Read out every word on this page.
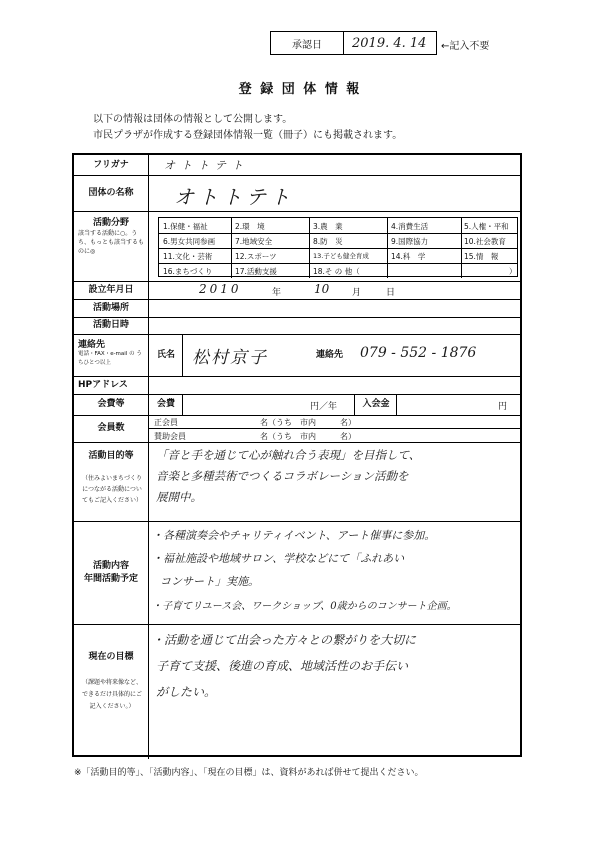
承認日	2019. 4. 14	←記入不要
登 録 団 体 情 報
以下の情報は団体の情報として公開します。
市民プラザが作成する登録団体情報一覧（冊子）にも掲載されます。
フリガナ	オトトテト
団体の名称	オトトテト
活動分野
該当する活動に○。うち、もっとも該当するものに◎
1.保健・福祉	2.環　境	3.農　業	4.消費生活	5.人権・平和
6.男女共同参画	7.地域安全	8.防　災	9.国際協力	10.社会教育
11.文化・芸術	12.スポーツ	13.子ども健全育成	14.科　学	15.情　報
16.まちづくり	17.活動支援	18.そ の 他（	）
設立年月日	2010	年	10	月	日
活動場所
活動日時
連絡先
電話・FAX・e-mail の うちひとつ以上
氏名	松村京子	連絡先 079 - 552 - 1876
HPアドレス
会費等	会費	円／年	入会金	円
会員数
正会員	名（うち　市内　　　名）
賛助会員	名（うち　市内　　　名）
活動目的等
（住みよいまちづくりにつながる活動についてもご記入ください）
「音と手を通じて心が触れ合う表現」を目指して、
音楽と多種芸術でつくるコラボレーション活動を
展開中。
活動内容
年間活動予定
・各種演奏会やチャリティイベント、アート催事に参加。
・福祉施設や地域サロン、学校などにて「ふれあい
コンサート」実施。
・子育てリユース会、ワークショップ、0歳からのコンサート企画。
現在の目標
（課題や将来像など、できるだけ具体的にご記入ください。）
・活動を通じて出会った方々との繋がりを大切に
子育て支援、後進の育成、地域活性のお手伝い
がしたい。
※「活動目的等」、「活動内容」、「現在の目標」は、資料があれば併せて提出ください。
